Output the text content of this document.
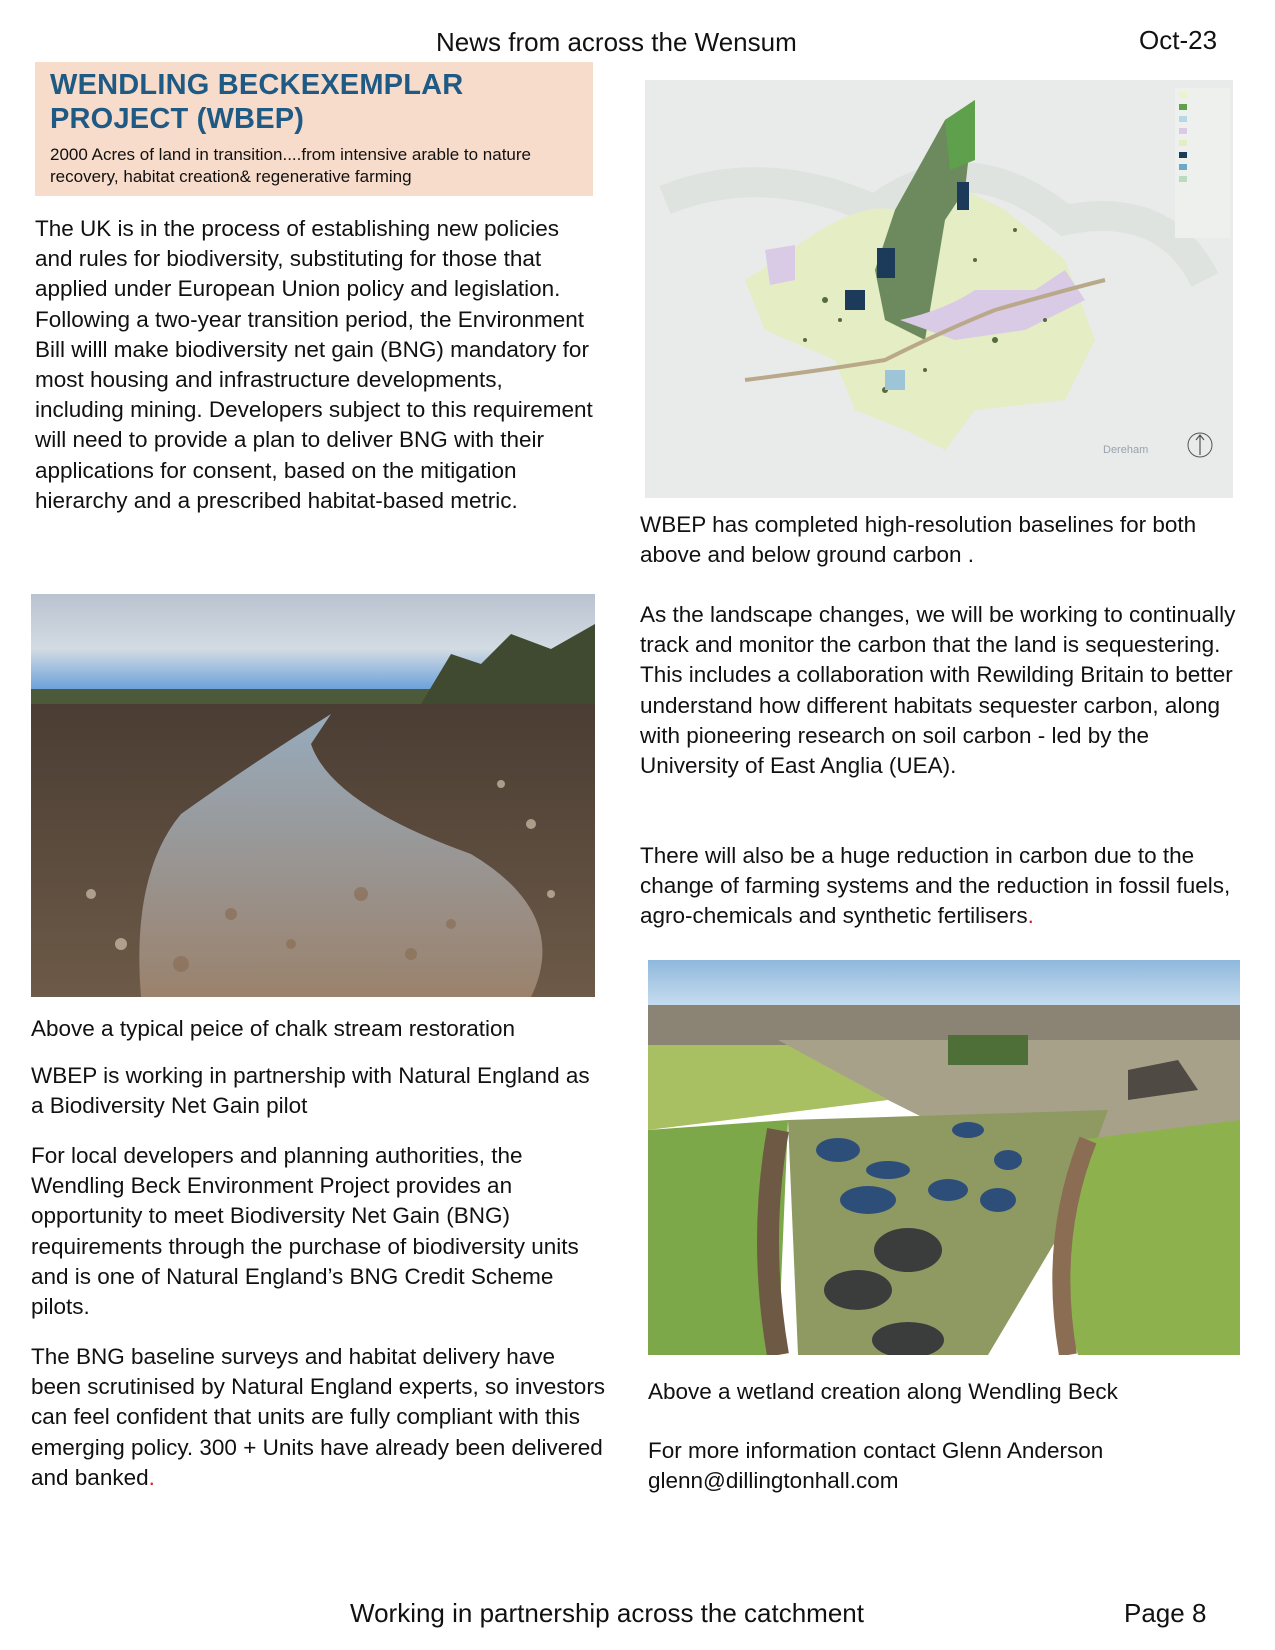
News from across the Wensum	Oct-23
WENDLING BECKEXEMPLAR PROJECT (WBEP)
2000 Acres of land in transition....from intensive arable to nature recovery, habitat creation& regenerative farming
The UK is in the process of establishing new policies and rules for biodiversity, substituting for those that applied under European Union policy and legislation. Following a two-year transition period, the Environment Bill willl make biodiversity net gain (BNG) mandatory for most housing and infrastructure developments, including mining. Developers subject to this requirement will need to provide a plan to deliver BNG with their applications for consent, based on the mitigation hierarchy and a prescribed habitat-based metric.
Above a typical peice of chalk stream restoration
WBEP is working in partnership with Natural England as a Biodiversity Net Gain pilot
For local developers and planning authorities, the Wendling Beck Environment Project provides an opportunity to meet Biodiversity Net Gain (BNG) requirements through the purchase of biodiversity units and is one of Natural England’s BNG Credit Scheme pilots.
The BNG baseline surveys and habitat delivery have been scrutinised by Natural England experts, so investors can feel confident that units are fully compliant with this emerging policy. 300 + Units have already been delivered and banked.
Dereham
WBEP has completed high-resolution baselines for both above and below ground carbon .
As the landscape changes, we will be working to continually track and monitor the carbon that the land is sequestering. This includes a collaboration with Rewilding Britain to better understand how different habitats sequester carbon, along with pioneering research on soil carbon - led by the University of East Anglia (UEA).
There will also be a huge reduction in carbon due to the change of farming systems and the reduction in fossil fuels, agro-chemicals and synthetic fertilisers.
Above a wetland creation along Wendling Beck
For more information contact Glenn Anderson
glenn@dillingtonhall.com
Working in partnership across the catchment	Page 8
